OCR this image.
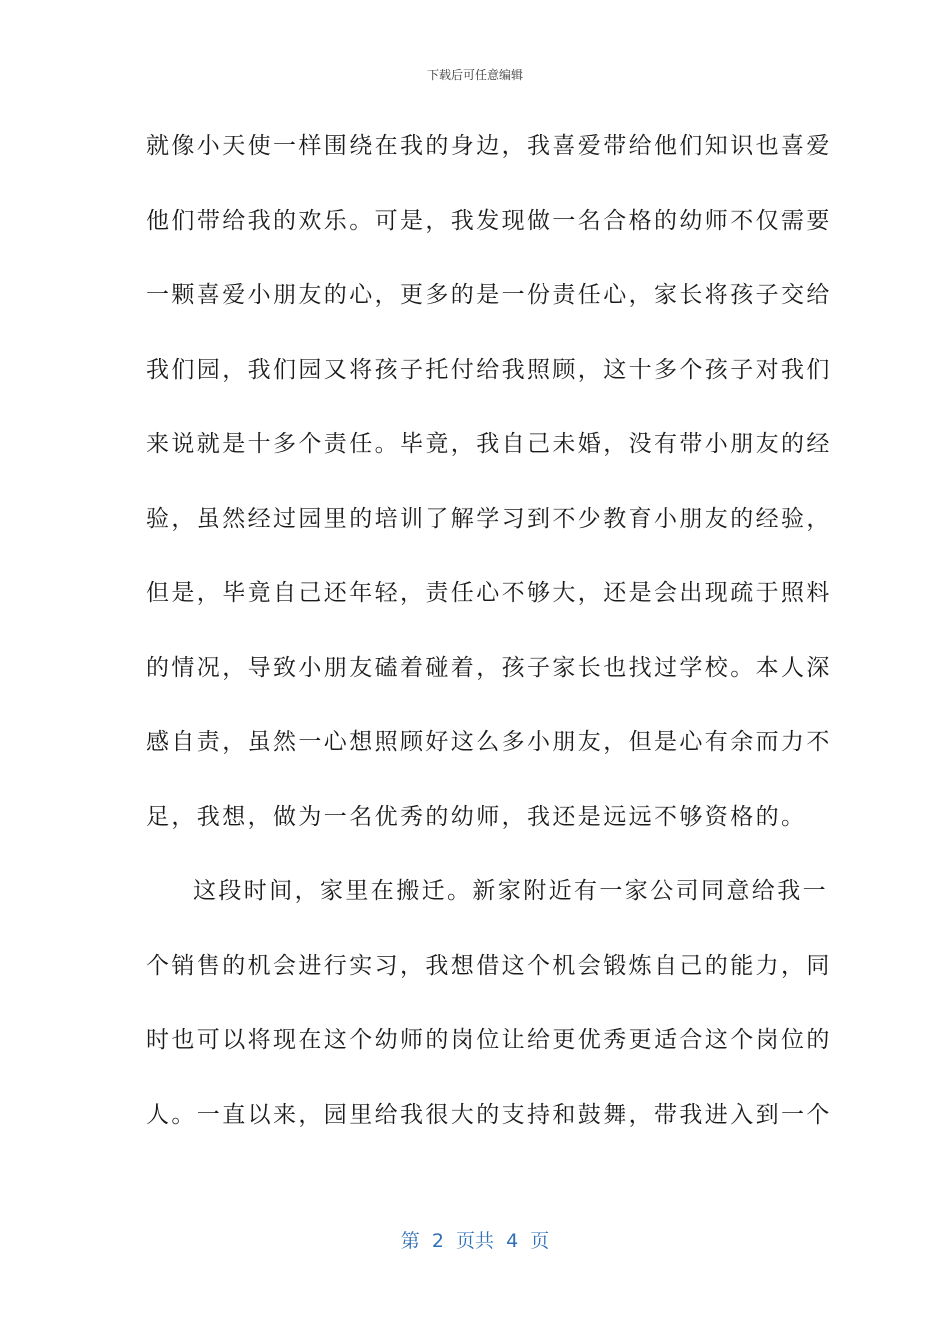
下载后可任意编辑
就像小天使一样围绕在我的身边，我喜爱带给他们知识也喜爱
他们带给我的欢乐。可是，我发现做一名合格的幼师不仅需要
一颗喜爱小朋友的心，更多的是一份责任心，家长将孩子交给
我们园，我们园又将孩子托付给我照顾，这十多个孩子对我们
来说就是十多个责任。毕竟，我自己未婚，没有带小朋友的经
验，虽然经过园里的培训了解学习到不少教育小朋友的经验，
但是，毕竟自己还年轻，责任心不够大，还是会出现疏于照料
的情况，导致小朋友磕着碰着，孩子家长也找过学校。本人深
感自责，虽然一心想照顾好这么多小朋友，但是心有余而力不
足，我想，做为一名优秀的幼师，我还是远远不够资格的。
这段时间，家里在搬迁。新家附近有一家公司同意给我一
个销售的机会进行实习，我想借这个机会锻炼自己的能力，同
时也可以将现在这个幼师的岗位让给更优秀更适合这个岗位的
人。一直以来，园里给我很大的支持和鼓舞，带我进入到一个
第  2  页共  4  页
